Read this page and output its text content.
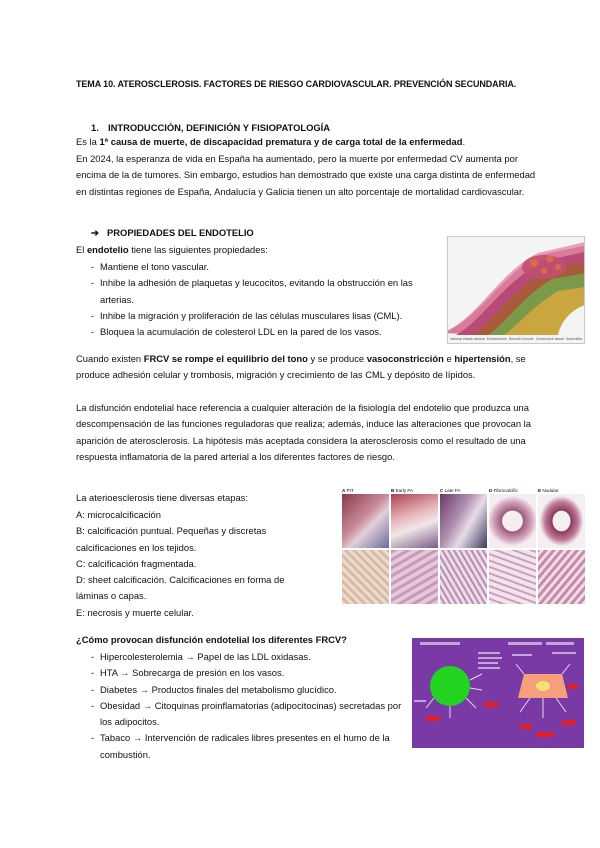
TEMA 10. ATEROSCLEROSIS. FACTORES DE RIESGO CARDIOVASCULAR. PREVENCIÓN SECUNDARIA.
1. INTRODUCCIÓN, DEFINICIÓN Y FISIOPATOLOGÍA
Es la 1ª causa de muerte, de discapacidad prematura y de carga total de la enfermedad.
En 2024, la esperanza de vida en España ha aumentado, pero la muerte por enfermedad CV aumenta por encima de la de tumores. Sin embargo, estudios han demostrado que existe una carga distinta de enfermedad en distintas regiones de España, Andalucía y Galicia tienen un alto porcentaje de mortalidad cardiovascular.
➔ PROPIEDADES DEL ENDOTELIO
El endotelio tiene las siguientes propiedades:
- Mantiene el tono vascular.
- Inhibe la adhesión de plaquetas y leucocitos, evitando la obstrucción en las arterias.
- Inhibe la migración y proliferación de las células musculares lisas (CML).
- Bloquea la acumulación de colesterol LDL en la pared de los vasos.
Internal elastic lamina Endothelium Smooth muscle Connective tissue Adventitia
Cuando existen FRCV se rompe el equilibrio del tono y se produce vasoconstricción e hipertensión, se produce adhesión celular y trombosis, migración y crecimiento de las CML y depósito de lípidos.
La disfunción endotelial hace referencia a cualquier alteración de la fisiología del endotelio que produzca una descompensación de las funciones reguladoras que realiza; además, induce las alteraciones que provocan la aparición de aterosclerosis. La hipótesis más aceptada considera la aterosclerosis como el resultado de una respuesta inflamatoria de la pared arterial a los diferentes factores de riesgo.
La aterioesclerosis tiene diversas etapas:
A: microcalcificación
B: calcificación puntual. Pequeñas y discretas calcificaciones en los tejidos.
C: calcificación fragmentada.
D: sheet calcificación. Calcificaciones en forma de láminas o capas.
E: necrosis y muerte celular.
A PIT	B Early FA	C Late FA	D Fibrocalcific	E Nodular
¿Cómo provocan disfunción endotelial los diferentes FRCV?
- Hipercolesterolemia → Papel de las LDL oxidasas.
- HTA → Sobrecarga de presión en los vasos.
- Diabetes → Productos finales del metabolismo glucídico.
- Obesidad → Citoquinas proinflamatorias (adipocitocinas) secretadas por los adipocitos.
- Tabaco → Intervención de radicales libres presentes en el humo de la combustión.
